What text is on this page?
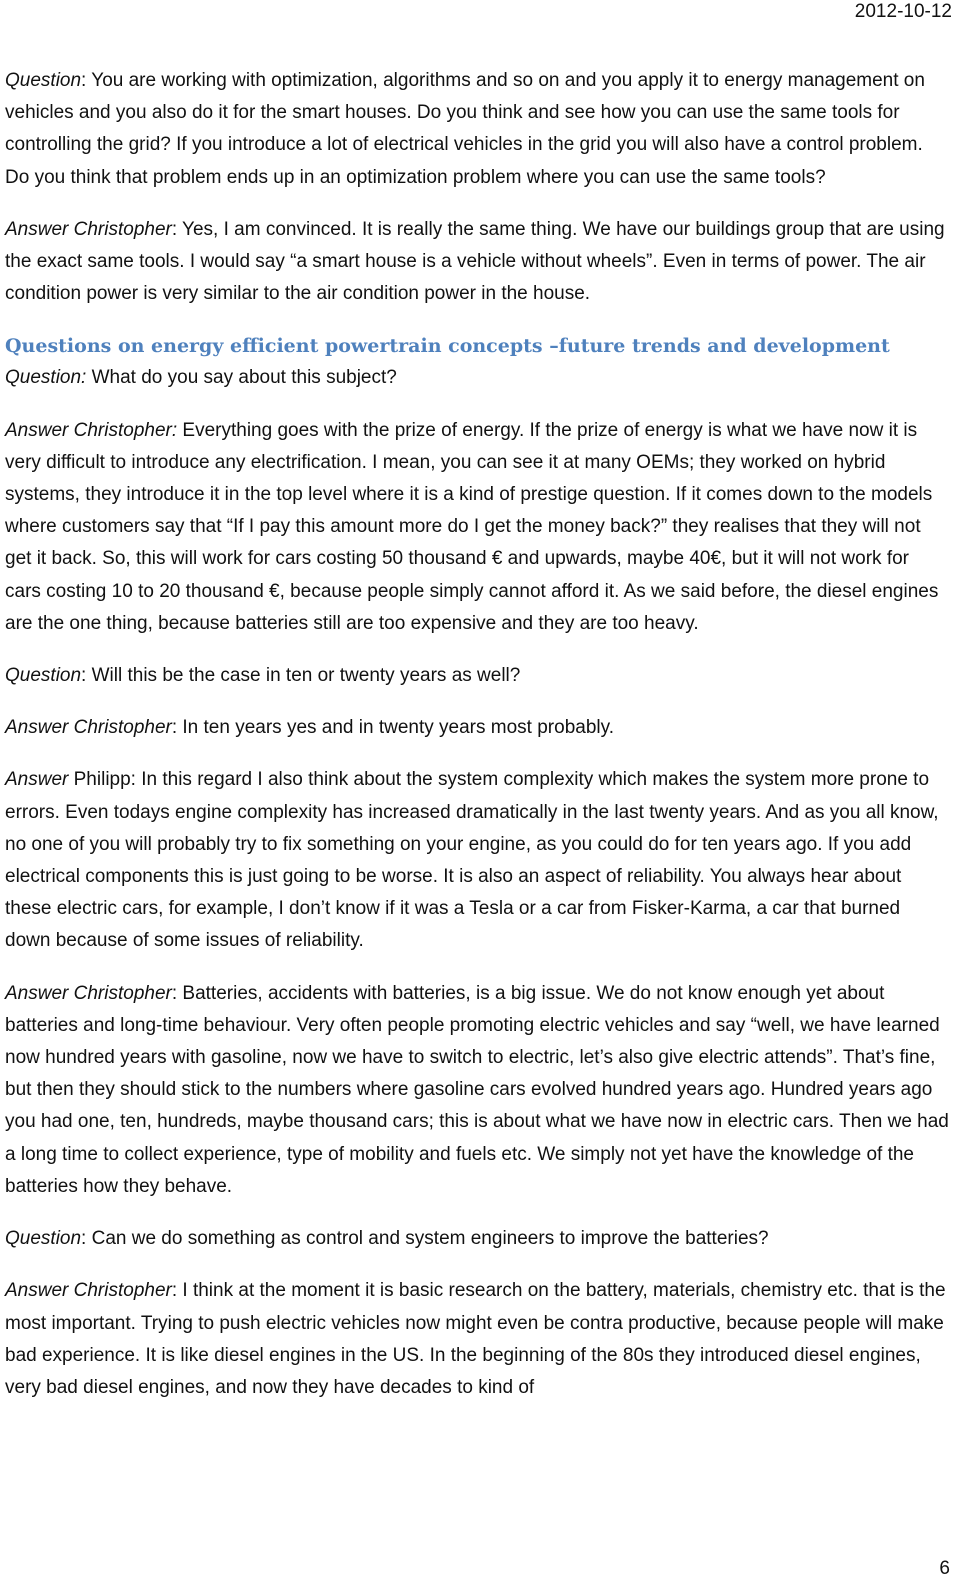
2012-10-12

Question: You are working with optimization, algorithms and so on and you apply it to energy management on vehicles and you also do it for the smart houses. Do you think and see how you can use the same tools for controlling the grid? If you introduce a lot of electrical vehicles in the grid you will also have a control problem. Do you think that problem ends up in an optimization problem where you can use the same tools?

Answer Christopher: Yes, I am convinced. It is really the same thing. We have our buildings group that are using the exact same tools. I would say “a smart house is a vehicle without wheels”. Even in terms of power. The air condition power is very similar to the air condition power in the house.

Questions on energy efficient powertrain concepts –future trends and development

Question: What do you say about this subject?

Answer Christopher: Everything goes with the prize of energy. If the prize of energy is what we have now it is very difficult to introduce any electrification. I mean, you can see it at many OEMs; they worked on hybrid systems, they introduce it in the top level where it is a kind of prestige question. If it comes down to the models where customers say that “If I pay this amount more do I get the money back?” they realises that they will not get it back. So, this will work for cars costing 50 thousand € and upwards, maybe 40€, but it will not work for cars costing 10 to 20 thousand €, because people simply cannot afford it. As we said before, the diesel engines are the one thing, because batteries still are too expensive and they are too heavy.

Question: Will this be the case in ten or twenty years as well?

Answer Christopher: In ten years yes and in twenty years most probably.

Answer Philipp: In this regard I also think about the system complexity which makes the system more prone to errors. Even todays engine complexity has increased dramatically in the last twenty years. And as you all know, no one of you will probably try to fix something on your engine, as you could do for ten years ago. If you add electrical components this is just going to be worse. It is also an aspect of reliability. You always hear about these electric cars, for example, I don’t know if it was a Tesla or a car from Fisker-Karma, a car that burned down because of some issues of reliability.

Answer Christopher: Batteries, accidents with batteries, is a big issue. We do not know enough yet about batteries and long-time behaviour. Very often people promoting electric vehicles and say “well, we have learned now hundred years with gasoline, now we have to switch to electric, let’s also give electric attends”. That’s fine, but then they should stick to the numbers where gasoline cars evolved hundred years ago. Hundred years ago you had one, ten, hundreds, maybe thousand cars; this is about what we have now in electric cars. Then we had a long time to collect experience, type of mobility and fuels etc. We simply not yet have the knowledge of the batteries how they behave.

Question: Can we do something as control and system engineers to improve the batteries?

Answer Christopher: I think at the moment it is basic research on the battery, materials, chemistry etc. that is the most important. Trying to push electric vehicles now might even be contra productive, because people will make bad experience. It is like diesel engines in the US. In the beginning of the 80s they introduced diesel engines, very bad diesel engines, and now they have decades to kind of

6
